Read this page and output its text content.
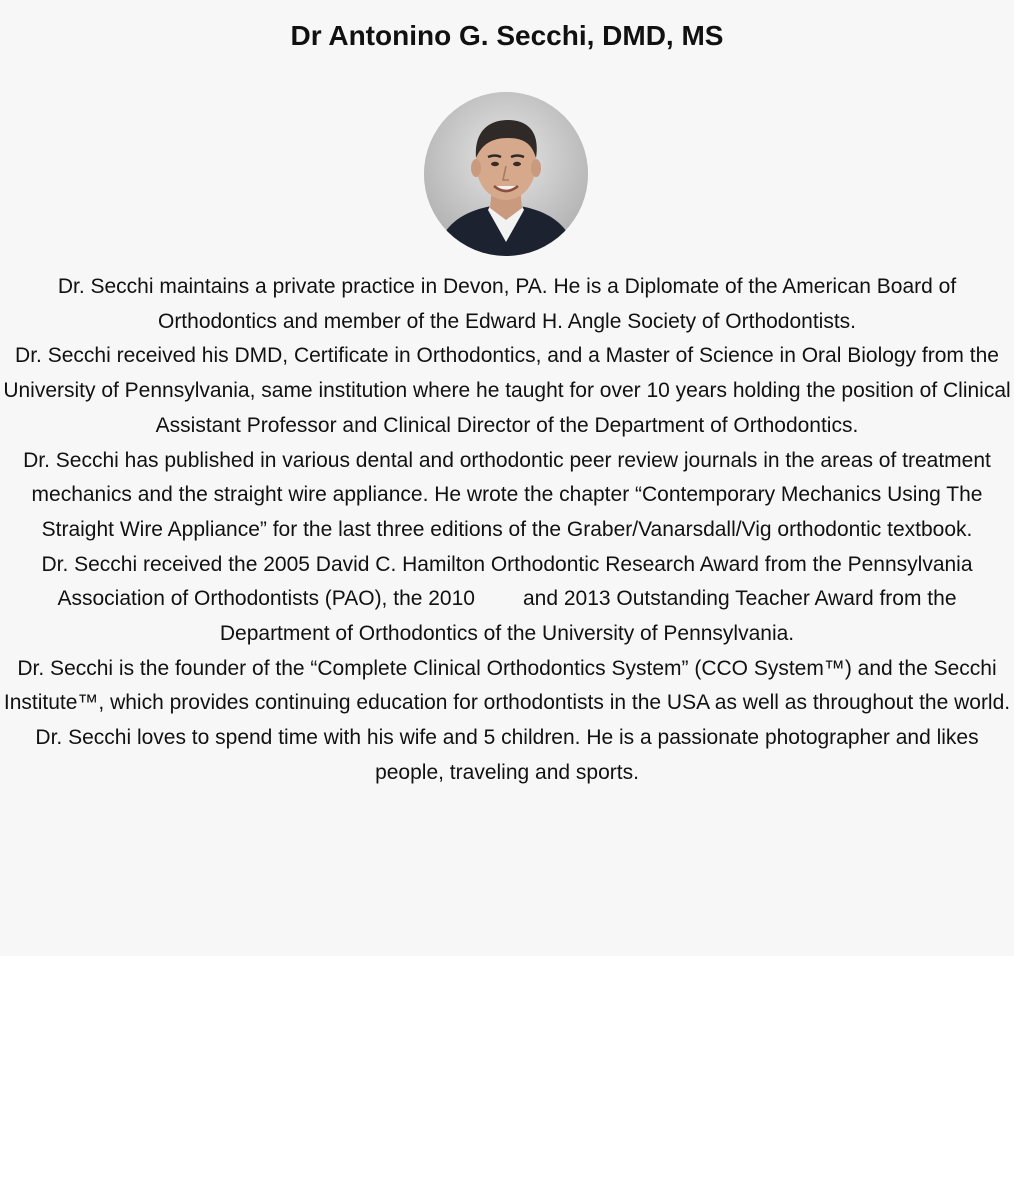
Dr Antonino G. Secchi, DMD, MS

Dr. Secchi maintains a private practice in Devon, PA. He is a Diplomate of the American Board of Orthodontics and member of the Edward H. Angle Society of Orthodontists.

Dr. Secchi received his DMD, Certificate in Orthodontics, and a Master of Science in Oral Biology from the University of Pennsylvania, same institution where he taught for over 10 years holding the position of Clinical Assistant Professor and Clinical Director of the Department of Orthodontics.

Dr. Secchi has published in various dental and orthodontic peer review journals in the areas of treatment mechanics and the straight wire appliance. He wrote the chapter “Contemporary Mechanics Using The Straight Wire Appliance” for the last three editions of the Graber/Vanarsdall/Vig orthodontic textbook.

Dr. Secchi received the 2005 David C. Hamilton Orthodontic Research Award from the Pennsylvania Association of Orthodontists (PAO), the 2010 and 2013 Outstanding Teacher Award from the Department of Orthodontics of the University of Pennsylvania.

Dr. Secchi is the founder of the “Complete Clinical Orthodontics System” (CCO System™) and the Secchi Institute™, which provides continuing education for orthodontists in the USA as well as throughout the world.

Dr. Secchi loves to spend time with his wife and 5 children. He is a passionate photographer and likes people, traveling and sports.
